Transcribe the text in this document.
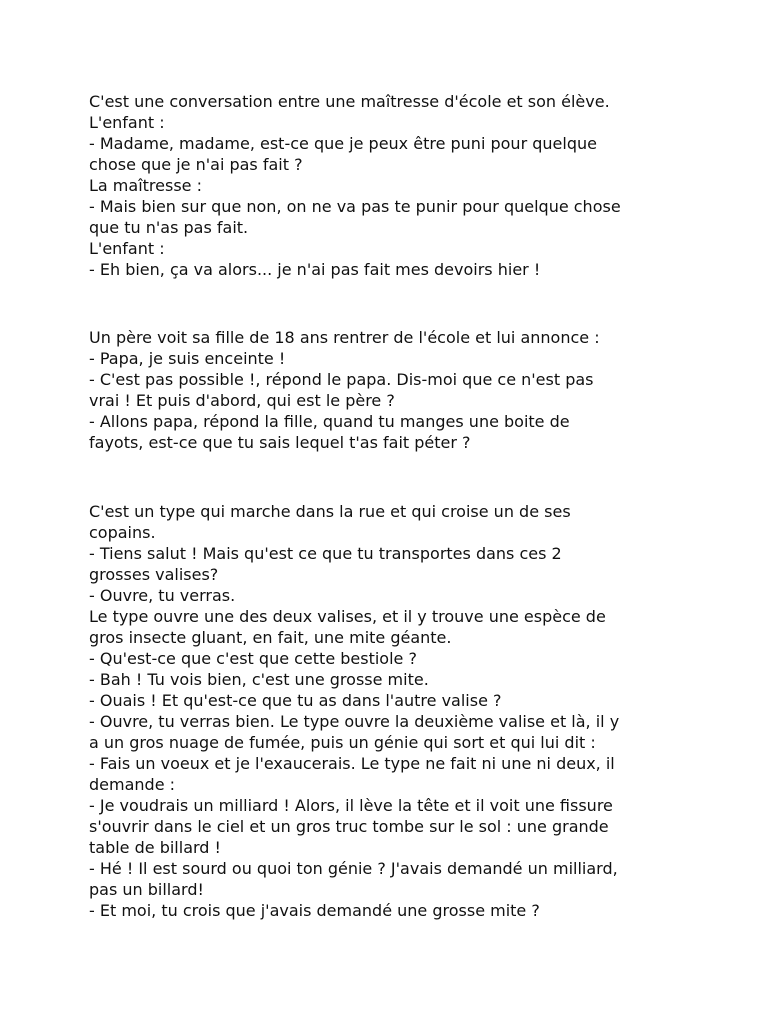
C'est une conversation entre une maîtresse d'école et son élève.
L'enfant :
- Madame, madame, est-ce que je peux être puni pour quelque
chose que je n'ai pas fait ?
La maîtresse :
- Mais bien sur que non, on ne va pas te punir pour quelque chose
que tu n'as pas fait.
L'enfant :
- Eh bien, ça va alors... je n'ai pas fait mes devoirs hier !
Un père voit sa fille de 18 ans rentrer de l'école et lui annonce :
- Papa, je suis enceinte !
- C'est pas possible !, répond le papa. Dis-moi que ce n'est pas
vrai ! Et puis d'abord, qui est le père ?
- Allons papa, répond la fille, quand tu manges une boite de
fayots, est-ce que tu sais lequel t'as fait péter ?
C'est un type qui marche dans la rue et qui croise un de ses
copains.
- Tiens salut ! Mais qu'est ce que tu transportes dans ces 2
grosses valises?
- Ouvre, tu verras.
Le type ouvre une des deux valises, et il y trouve une espèce de
gros insecte gluant, en fait, une mite géante.
- Qu'est-ce que c'est que cette bestiole ?
- Bah ! Tu vois bien, c'est une grosse mite.
- Ouais ! Et qu'est-ce que tu as dans l'autre valise ?
- Ouvre, tu verras bien. Le type ouvre la deuxième valise et là, il y
a un gros nuage de fumée, puis un génie qui sort et qui lui dit :
- Fais un voeux et je l'exaucerais. Le type ne fait ni une ni deux, il
demande :
- Je voudrais un milliard ! Alors, il lève la tête et il voit une fissure
s'ouvrir dans le ciel et un gros truc tombe sur le sol : une grande
table de billard !
- Hé ! Il est sourd ou quoi ton génie ? J'avais demandé un milliard,
pas un billard!
- Et moi, tu crois que j'avais demandé une grosse mite ?
